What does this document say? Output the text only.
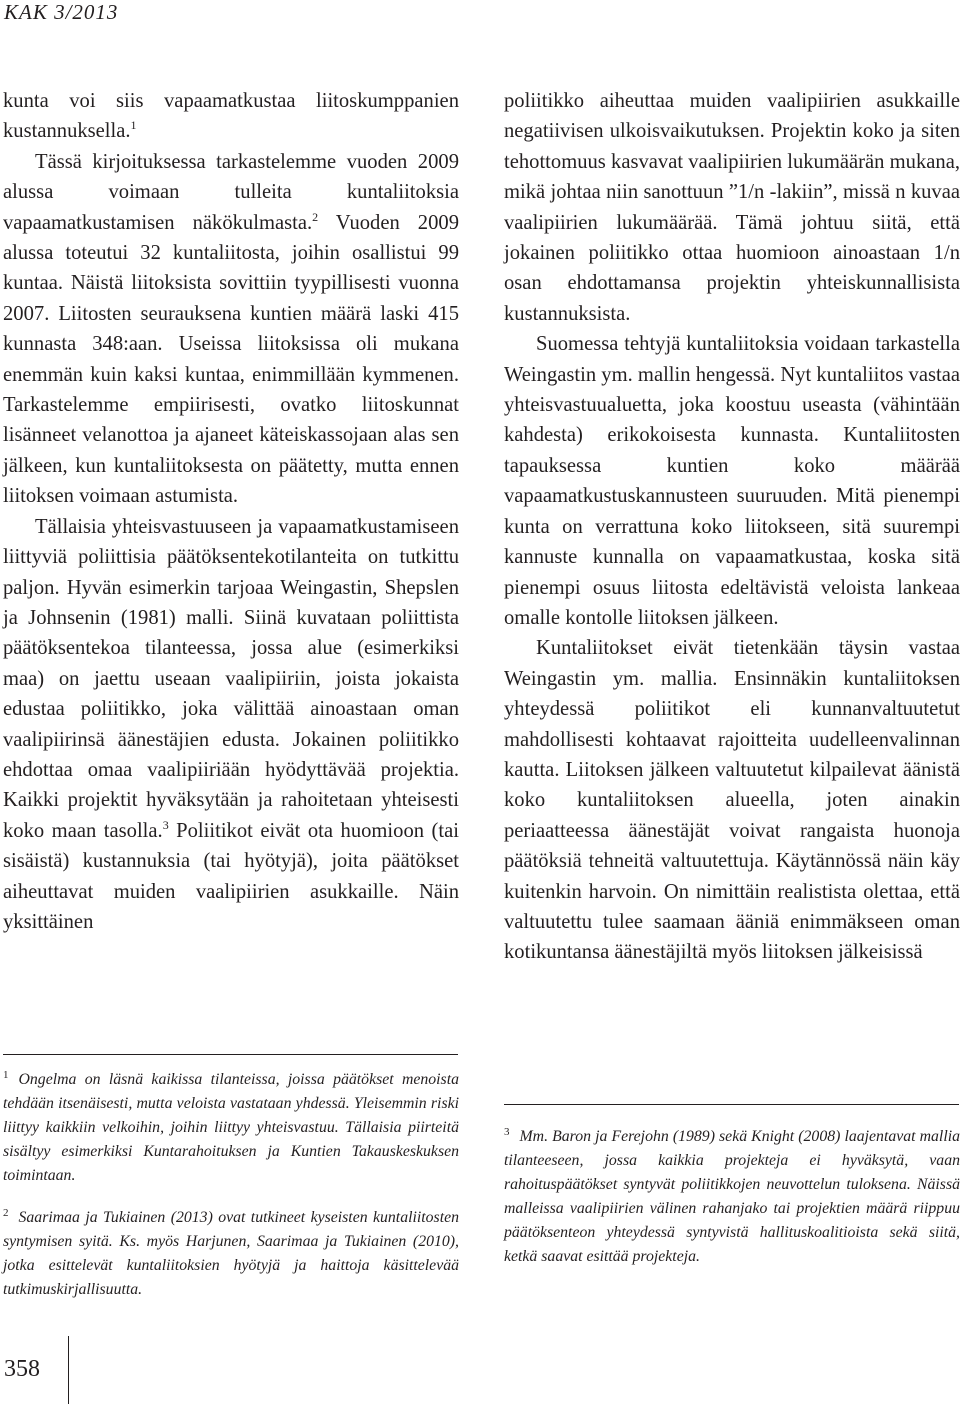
KAK 3/2013

kunta voi siis vapaamatkustaa liitoskumppanien kustannuksella.$^1$

Tässä kirjoituksessa tarkastelemme vuoden 2009 alussa voimaan tulleita kuntaliitoksia vapaamatkustamisen näkökulmasta.$^2$ Vuoden 2009 alussa toteutui 32 kuntaliitosta, joihin osallistui 99 kuntaa. Näistä liitoksista sovittiin tyypillisesti vuonna 2007. Liitosten seurauksena kuntien määrä laski 415 kunnasta 348:aan. Useissa liitoksissa oli mukana enemmän kuin kaksi kuntaa, enimmillään kymmenen. Tarkastelemme empiirisesti, ovatko liitoskunnat lisänneet velanottoa ja ajaneet käteiskassojaan alas sen jälkeen, kun kuntaliitoksesta on päätetty, mutta ennen liitoksen voimaan astumista.

Tällaisia yhteisvastuuseen ja vapaamatkustamiseen liittyviä poliittisia päätöksentekotilanteita on tutkittu paljon. Hyvän esimerkin tarjoaa Weingastin, Shepslen ja Johnsenin (1981) malli. Siinä kuvataan poliittista päätöksentekoa tilanteessa, jossa alue (esimerkiksi maa) on jaettu useaan vaalipiiriin, joista jokaista edustaa poliitikko, joka välittää ainoastaan oman vaalipiirinsä äänestäjien edusta. Jokainen poliitikko ehdottaa omaa vaalipiiriään hyödyttävää projektia. Kaikki projektit hyväksytään ja rahoitetaan yhteisesti koko maan tasolla.$^3$ Poliitikot eivät ota huomioon (tai sisäistä) kustannuksia (tai hyötyjä), joita päätökset aiheuttavat muiden vaalipiirien asukkaille. Näin yksittäinen

$^1$ Ongelma on läsnä kaikissa tilanteissa, joissa päätökset menoista tehdään itsenäisesti, mutta veloista vastataan yhdessä. Yleisemmin riski liittyy kaikkiin velkoihin, joihin liittyy yhteisvastuu. Tällaisia piirteitä sisältyy esimerkiksi Kuntarahoituksen ja Kuntien Takauskeskuksen toimintaan.

$^2$ Saarimaa ja Tukiainen (2013) ovat tutkineet kyseisten kuntaliitosten syntymisen syitä. Ks. myös Harjunen, Saarimaa ja Tukiainen (2010), jotka esittelevät kuntaliitoksien hyötyjä ja haittoja käsittelevää tutkimuskirjallisuutta.

poliitikko aiheuttaa muiden vaalipiirien asukkaille negatiivisen ulkoisvaikutuksen. Projektin koko ja siten tehottomuus kasvavat vaalipiirien lukumäärän mukana, mikä johtaa niin sanottuun ”1/n -lakiin”, missä n kuvaa vaalipiirien lukumäärää. Tämä johtuu siitä, että jokainen poliitikko ottaa huomioon ainoastaan 1/n osan ehdottamansa projektin yhteiskunnallisista kustannuksista.

Suomessa tehtyjä kuntaliitoksia voidaan tarkastella Weingastin ym. mallin hengessä. Nyt kuntaliitos vastaa yhteisvastuualuetta, joka koostuu useasta (vähintään kahdesta) erikokoisesta kunnasta. Kuntaliitosten tapauksessa kuntien koko määrää vapaamatkustuskannusteen suuruuden. Mitä pienempi kunta on verrattuna koko liitokseen, sitä suurempi kannuste kunnalla on vapaamatkustaa, koska sitä pienempi osuus liitosta edeltävistä veloista lankeaa omalle kontolle liitoksen jälkeen.

Kuntaliitokset eivät tietenkään täysin vastaa Weingastin ym. mallia. Ensinnäkin kuntaliitoksen yhteydessä poliitikot eli kunnanvaltuutetut mahdollisesti kohtaavat rajoitteita uudelleenvalinnan kautta. Liitoksen jälkeen valtuutetut kilpailevat äänistä koko kuntaliitoksen alueella, joten ainakin periaatteessa äänestäjät voivat rangaista huonoja päätöksiä tehneitä valtuutettuja. Käytännössä näin käy kuitenkin harvoin. On nimittäin realistista olettaa, että valtuutettu tulee saamaan ääniä enimmäkseen oman kotikuntansa äänestäjiltä myös liitoksen jälkeisissä

$^3$ Mm. Baron ja Ferejohn (1989) sekä Knight (2008) laajentavat mallia tilanteeseen, jossa kaikkia projekteja ei hyväksytä, vaan rahoituspäätökset syntyvät poliitikkojen neuvottelun tuloksena. Näissä malleissa vaalipiirien välinen rahanjako tai projektien määrä riippuu päätöksenteon yhteydessä syntyvistä hallituskoalitioista sekä siitä, ketkä saavat esittää projekteja.

358
